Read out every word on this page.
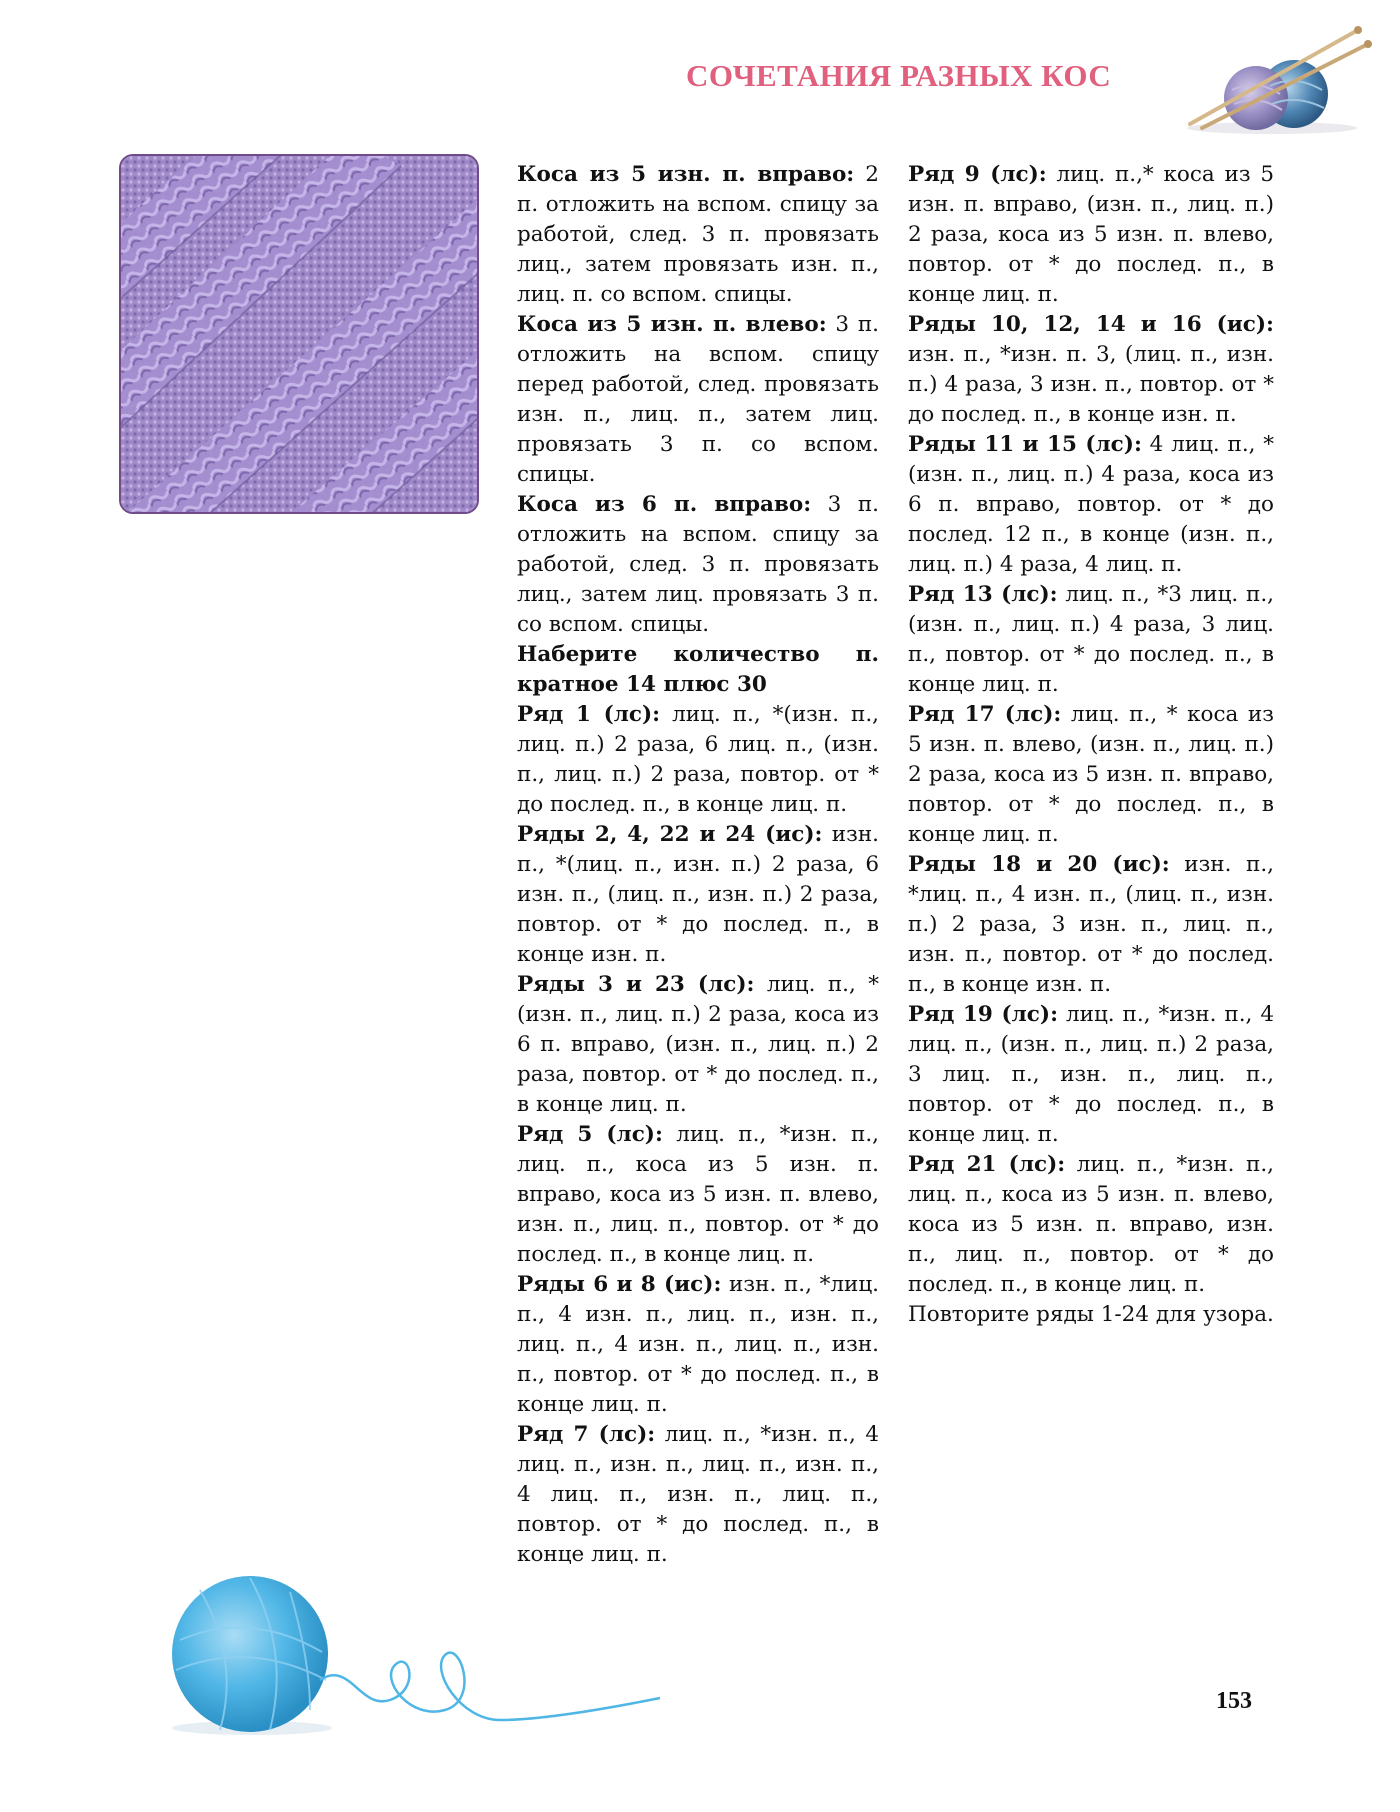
СОЧЕТАНИЯ РАЗНЫХ КОС

Коса из 5 изн. п. вправо: 2 п. отложить на вспом. спицу за работой, след. 3 п. провязать лиц., затем провязать изн. п., лиц. п. со вспом. спицы.

Коса из 5 изн. п. влево: 3 п. отложить на вспом. спицу перед работой, след. провязать изн. п., лиц. п., затем лиц. провязать 3 п. со вспом. спицы.

Коса из 6 п. вправо: 3 п. отложить на вспом. спицу за работой, след. 3 п. провязать лиц., затем лиц. провязать 3 п. со вспом. спицы.

Наберите количество п. кратное 14 плюс 30

Ряд 1 (лс): лиц. п., *(изн. п., лиц. п.) 2 раза, 6 лиц. п., (изн. п., лиц. п.) 2 раза, повтор. от * до послед. п., в конце лиц. п.

Ряды 2, 4, 22 и 24 (ис): изн. п., *(лиц. п., изн. п.) 2 раза, 6 изн. п., (лиц. п., изн. п.) 2 раза, повтор. от * до послед. п., в конце изн. п.

Ряды 3 и 23 (лс): лиц. п., *(изн. п., лиц. п.) 2 раза, коса из 6 п. вправо, (изн. п., лиц. п.) 2 раза, повтор. от * до послед. п., в конце лиц. п.

Ряд 5 (лс): лиц. п., *изн. п., лиц. п., коса из 5 изн. п. вправо, коса из 5 изн. п. влево, изн. п., лиц. п., повтор. от * до послед. п., в конце лиц. п.

Ряды 6 и 8 (ис): изн. п., *лиц. п., 4 изн. п., лиц. п., изн. п., лиц. п., 4 изн. п., лиц. п., изн. п., повтор. от * до послед. п., в конце лиц. п.

Ряд 7 (лс): лиц. п., *изн. п., 4 лиц. п., изн. п., лиц. п., изн. п., 4 лиц. п., изн. п., лиц. п., повтор. от * до послед. п., в конце лиц. п.

Ряд 9 (лс): лиц. п.,* коса из 5 изн. п. вправо, (изн. п., лиц. п.) 2 раза, коса из 5 изн. п. влево, повтор. от * до послед. п., в конце лиц. п.

Ряды 10, 12, 14 и 16 (ис): изн. п., *изн. п. 3, (лиц. п., изн. п.) 4 раза, 3 изн. п., повтор. от * до послед. п., в конце изн. п.

Ряды 11 и 15 (лс): 4 лиц. п., *(изн. п., лиц. п.) 4 раза, коса из 6 п. вправо, повтор. от * до послед. 12 п., в конце (изн. п., лиц. п.) 4 раза, 4 лиц. п.

Ряд 13 (лс): лиц. п., *3 лиц. п., (изн. п., лиц. п.) 4 раза, 3 лиц. п., повтор. от * до послед. п., в конце лиц. п.

Ряд 17 (лс): лиц. п., * коса из 5 изн. п. влево, (изн. п., лиц. п.) 2 раза, коса из 5 изн. п. вправо, повтор. от * до послед. п., в конце лиц. п.

Ряды 18 и 20 (ис): изн. п., *лиц. п., 4 изн. п., (лиц. п., изн. п.) 2 раза, 3 изн. п., лиц. п., изн. п., повтор. от * до послед. п., в конце изн. п.

Ряд 19 (лс): лиц. п., *изн. п., 4 лиц. п., (изн. п., лиц. п.) 2 раза, 3 лиц. п., изн. п., лиц. п., повтор. от * до послед. п., в конце лиц. п.

Ряд 21 (лс): лиц. п., *изн. п., лиц. п., коса из 5 изн. п. влево, коса из 5 изн. п. вправо, изн. п., лиц. п., повтор. от * до послед. п., в конце лиц. п.

Повторите ряды 1-24 для узора.

153
